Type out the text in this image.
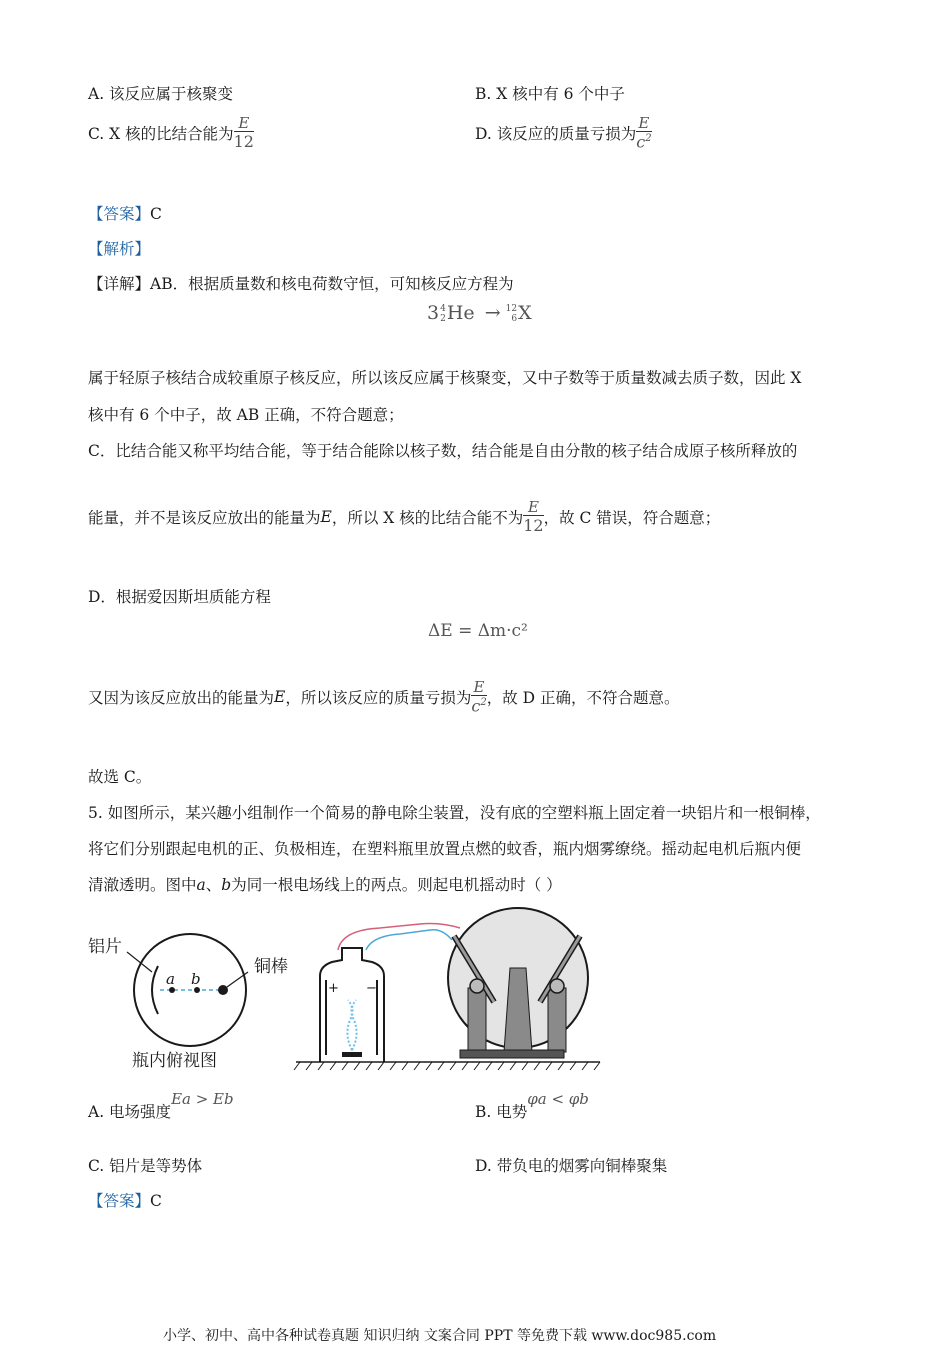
A. 该反应属于核聚变	B. X 核中有 6 个中子
C. X 核的比结合能为 $\frac{E}{12}$	D. 该反应的质量亏损为 $\frac{E}{c^2}$
【答案】C
【解析】
【详解】AB．根据质量数和核电荷数守恒，可知核反应方程为
3 4
2 He → 12
6 X
属于轻原子核结合成较重原子核反应，所以该反应属于核聚变，又中子数等于质量数减去质子数，因此 X
核中有 6 个中子，故 AB 正确，不符合题意；
C．比结合能又称平均结合能，等于结合能除以核子数，结合能是自由分散的核子结合成原子核所释放的
能量，并不是该反应放出的能量为E，所以 X 核的比结合能不为 $\frac{E}{12}$ ，故 C 错误，符合题意；
D．根据爱因斯坦质能方程
ΔE = Δm·c²
又因为该反应放出的能量为E，所以该反应的质量亏损为 $\frac{E}{c^2}$ ，故 D 正确，不符合题意。
故选 C。
5. 如图所示，某兴趣小组制作一个简易的静电除尘装置，没有底的空塑料瓶上固定着一块铝片和一根铜棒，
将它们分别跟起电机的正、负极相连，在塑料瓶里放置点燃的蚊香，瓶内烟雾缭绕。摇动起电机后瓶内便
清澈透明。图中a、b为同一根电场线上的两点。则起电机摇动时（ ）
铝片
铜棒
a b
瓶内俯视图
+ −
A. 电场强度Ea > Eb
B. 电势φa < φb
C. 铝片是等势体	D. 带负电的烟雾向铜棒聚集
【答案】C
小学、初中、高中各种试卷真题 知识归纳 文案合同 PPT 等免费下载 www.doc985.com
